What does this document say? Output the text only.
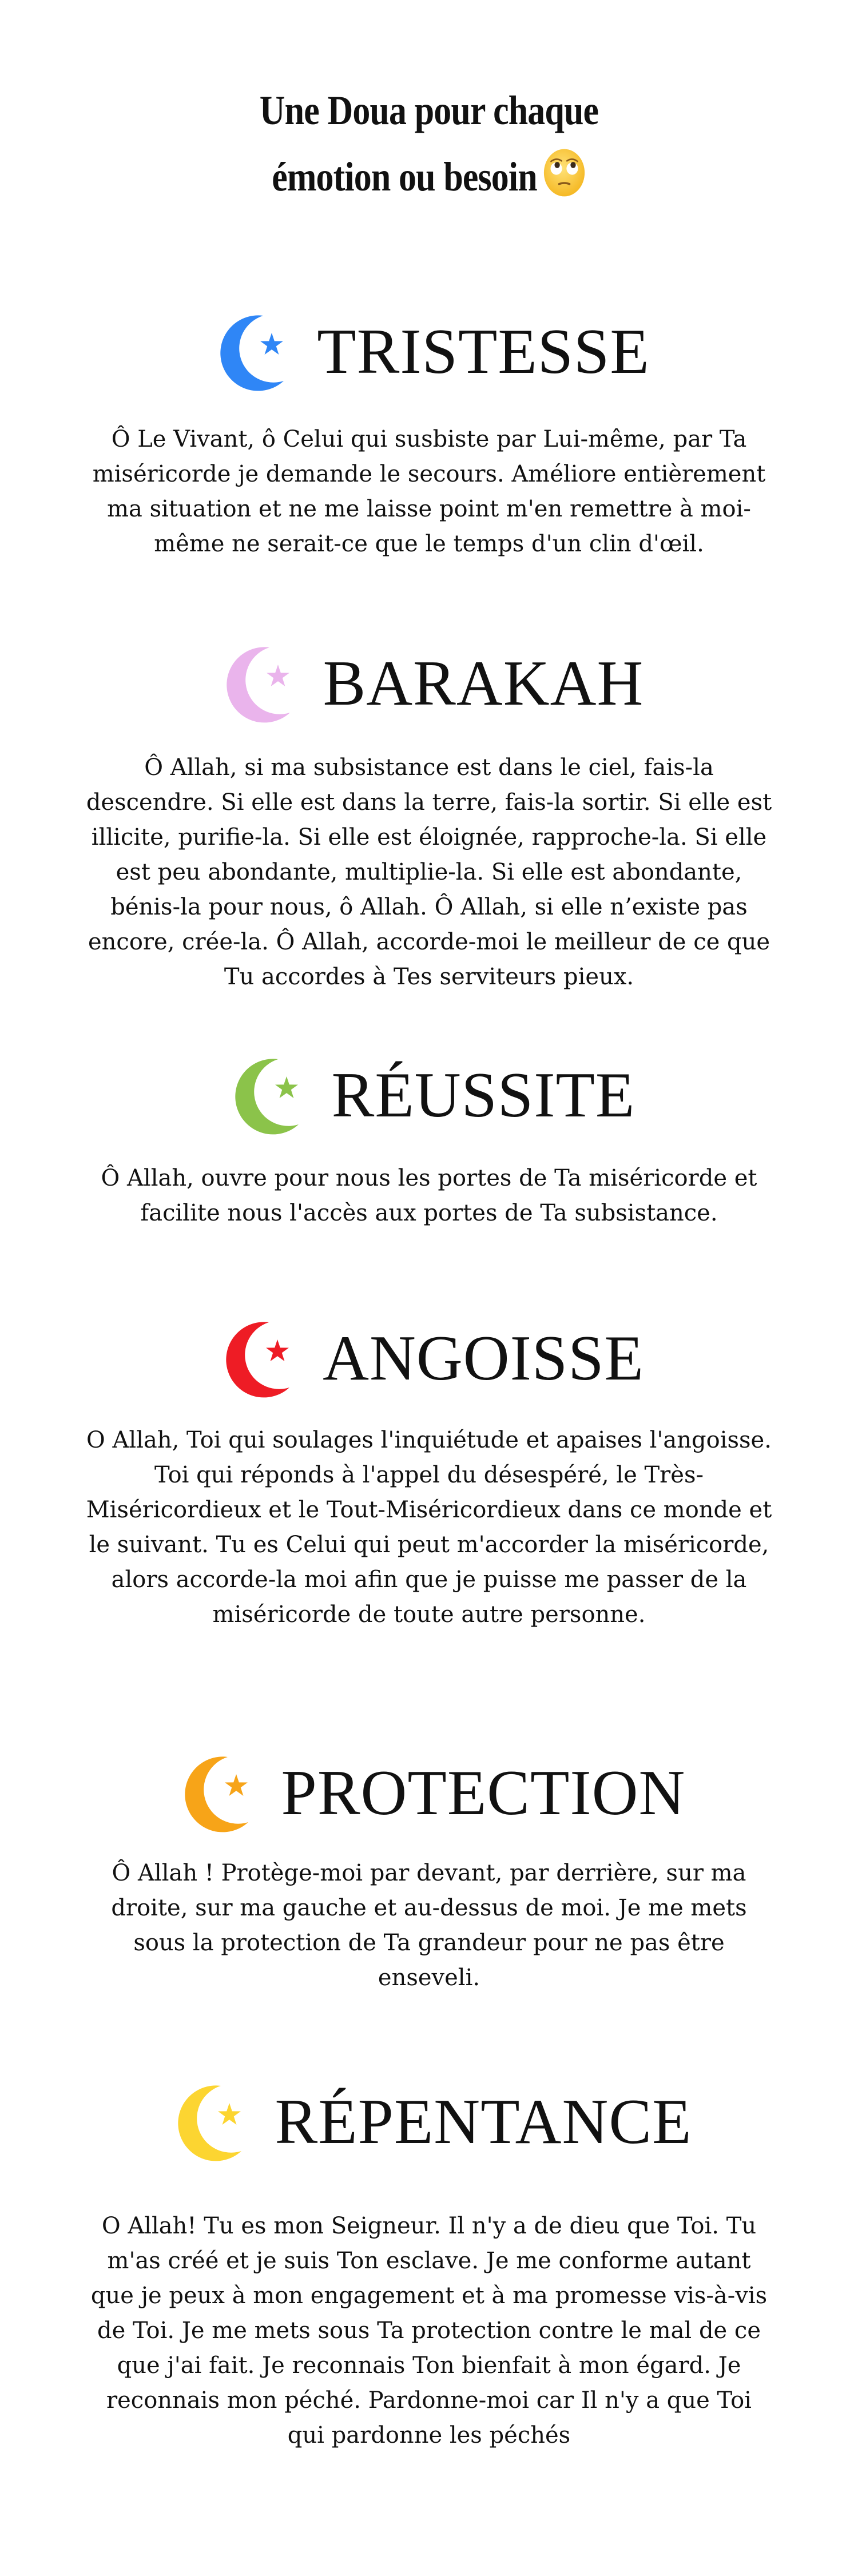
Une Doua pour chaque
émotion ou besoin
TRISTESSE
Ô Le Vivant, ô Celui qui susbiste par Lui-même, par Ta miséricorde je demande le secours. Améliore entièrement ma situation et ne me laisse point m'en remettre à moi-même ne serait-ce que le temps d'un clin d'œil.
BARAKAH
Ô Allah, si ma subsistance est dans le ciel, fais-la descendre. Si elle est dans la terre, fais-la sortir. Si elle est illicite, purifie-la. Si elle est éloignée, rapproche-la. Si elle est peu abondante, multiplie-la. Si elle est abondante, bénis-la pour nous, ô Allah. Ô Allah, si elle n’existe pas encore, crée-la. Ô Allah, accorde-moi le meilleur de ce que Tu accordes à Tes serviteurs pieux.
RÉUSSITE
Ô Allah, ouvre pour nous les portes de Ta miséricorde et facilite nous l'accès aux portes de Ta subsistance.
ANGOISSE
O Allah, Toi qui soulages l'inquiétude et apaises l'angoisse. Toi qui réponds à l'appel du désespéré, le Très-Miséricordieux et le Tout-Miséricordieux dans ce monde et le suivant. Tu es Celui qui peut m'accorder la miséricorde, alors accorde-la moi afin que je puisse me passer de la miséricorde de toute autre personne.
PROTECTION
Ô Allah ! Protège-moi par devant, par derrière, sur ma droite, sur ma gauche et au-dessus de moi. Je me mets sous la protection de Ta grandeur pour ne pas être enseveli.
RÉPENTANCE
O Allah! Tu es mon Seigneur. Il n'y a de dieu que Toi. Tu m'as créé et je suis Ton esclave. Je me conforme autant que je peux à mon engagement et à ma promesse vis-à-vis de Toi. Je me mets sous Ta protection contre le mal de ce que j'ai fait. Je reconnais Ton bienfait à mon égard. Je reconnais mon péché. Pardonne-moi car Il n'y a que Toi qui pardonne les péchés
